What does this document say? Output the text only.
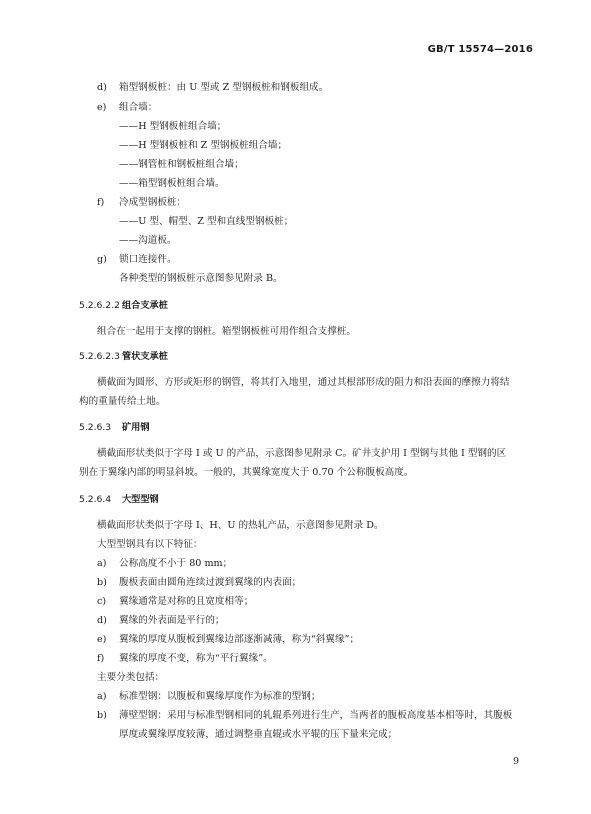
GB/T 15574—2016
d) 箱型钢板桩：由 U 型或 Z 型钢板桩和钢板组成。
e) 组合墙：
——H 型钢板桩组合墙；
——H 型钢板桩和 Z 型钢板桩组合墙；
——钢管桩和钢板桩组合墙；
——箱型钢板桩组合墙。
f) 冷成型钢板桩：
——U 型、帽型、Z 型和直线型钢板桩；
——沟道板。
g) 锁口连接件。
各种类型的钢板桩示意图参见附录 B。
5.2.6.2.2 组合支承桩
组合在一起用于支撑的钢桩。箱型钢板桩可用作组合支撑桩。
5.2.6.2.3 管状支承桩
横截面为圆形、方形或矩形的钢管，将其打入地里，通过其根部形成的阻力和沿表面的摩擦力将结
构的重量传给土地。
5.2.6.3 矿用钢
横截面形状类似于字母 I 或 U 的产品，示意图参见附录 C。矿井支护用 I 型钢与其他 I 型钢的区
别在于翼缘内部的明显斜坡。一般的，其翼缘宽度大于 0.70 个公称腹板高度。
5.2.6.4 大型型钢
横截面形状类似于字母 I、H、U 的热轧产品，示意图参见附录 D。
大型型钢具有以下特征：
a) 公称高度不小于 80 mm；
b) 腹板表面由圆角连续过渡到翼缘的内表面；
c) 翼缘通常是对称的且宽度相等；
d) 翼缘的外表面是平行的；
e) 翼缘的厚度从腹板到翼缘边部逐渐减薄，称为“斜翼缘”；
f) 翼缘的厚度不变，称为“平行翼缘”。
主要分类包括：
a) 标准型钢：以腹板和翼缘厚度作为标准的型钢；
b) 薄壁型钢：采用与标准型钢相同的轧辊系列进行生产，当两者的腹板高度基本相等时，其腹板
厚度或翼缘厚度较薄，通过调整垂直辊或水平辊的压下量来完成；
9
